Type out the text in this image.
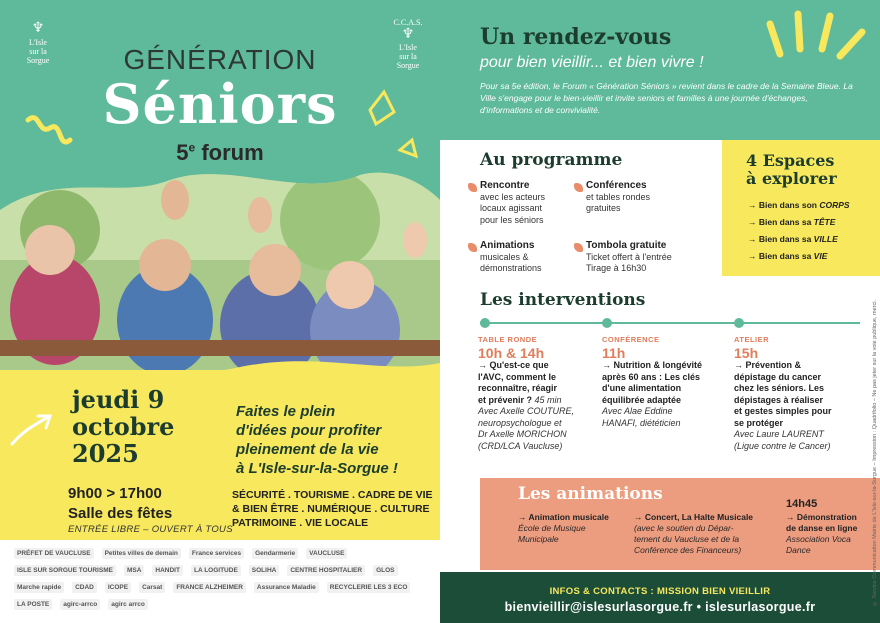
♆
L'Isle
sur la
Sorgue
C.C.A.S.
♆
L'Isle
sur la
Sorgue
GÉNÉRATION
Séniors
5e forum
jeudi 9
octobre
2025
Faites le plein
d'idées pour profiter
pleinement de la vie
à L'Isle-sur-la-Sorgue !
9h00 > 17h00
Salle des fêtes
ENTRÉE LIBRE – OUVERT À TOUS
SÉCURITÉ . TOURISME . CADRE DE VIE
& BIEN ÊTRE . NUMÉRIQUE . CULTURE
PATRIMOINE . VIE LOCALE
PRÉFET DE VAUCLUSE	Petites villes de demain	France services	Gendarmerie	VAUCLUSE
ISLE SUR SORGUE TOURISME	MSA	HANDIT	LA LOGITUDE	SOLIHA	CENTRE HOSPITALIER	GLOS
Marche rapide	CDAD	ICOPE	Carsat	FRANCE ALZHEIMER	Assurance Maladie	RECYCLERIE LES 3 ECO
LA POSTE	agirc-arrco	agirc arrco
Un rendez-vous
pour bien vieillir... et bien vivre !
Pour sa 5e édition, le Forum « Génération Séniors » revient dans le cadre de la Semaine Bleue. La Ville s'engage pour le bien-vieillir et invite seniors et familles à une journée d'échanges, d'informations et de convivialité.
Au programme
Rencontre
avec les acteurs
locaux agissant
pour les séniors
Conférences
et tables rondes
gratuites
Animations
musicales &
démonstrations
Tombola gratuite
Ticket offert à l'entrée
Tirage à 16h30
4 Espaces
à explorer
→ Bien dans son CORPS
→ Bien dans sa TÊTE
→ Bien dans sa VILLE
→ Bien dans sa VIE
Les interventions
TABLE RONDE
10h & 14h
→ Qu'est-ce que
l'AVC, comment le
reconnaître, réagir
et prévenir ? 45 min
Avec Axelle COUTURE,
neuropsychologue et
Dr Axelle MORICHON
(CRD/LCA Vaucluse)
CONFÉRENCE
11h
→ Nutrition & longévité
après 60 ans : Les clés
d'une alimentation
équilibrée adaptée
Avec Alae Eddine
HANAFI, diététicien
ATELIER
15h
→ Prévention &
dépistage du cancer
chez les séniors. Les
dépistages à réaliser
et gestes simples pour
se protéger
Avec Laure LAURENT
(Ligue contre le Cancer)
Les animations	14h45
→ Animation musicale
École de Musique
Municipale
→ Concert, La Halte Musicale
(avec le soutien du Dépar-
tement du Vaucluse et de la
Conférence des Financeurs)
→ Démonstration
de danse en ligne
Association Voca
Dance
INFOS & CONTACTS : MISSION BIEN VIEILLIR
bienvieillir@islesurlasorgue.fr • islesurlasorgue.fr
© Service Communication Mairie de L'Isle-sur-la-Sorgue – Impression : Quadrifolio – Ne pas jeter sur la voie publique, merci.
